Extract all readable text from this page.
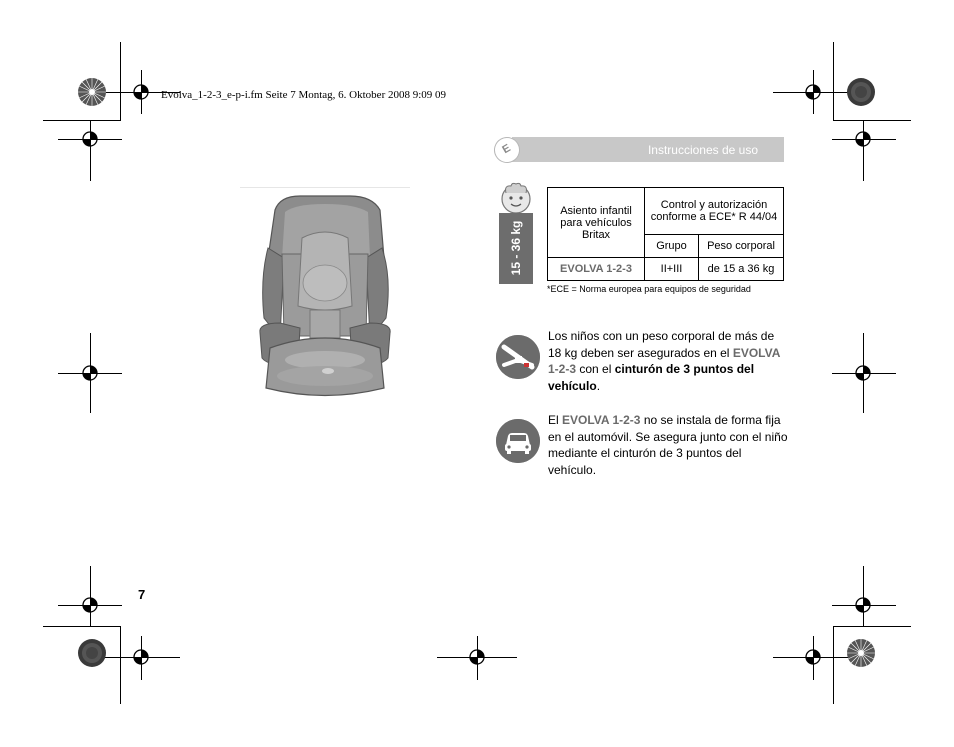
Evolva_1-2-3_e-p-i.fm Seite 7 Montag, 6. Oktober 2008 9:09 09
Instrucciones de uso
E
15 - 36 kg
Asiento infantil para vehículos Britax	Control y autorización conforme a ECE* R 44/04	
	Grupo	Peso corporal
EVOLVA 1-2-3	II+III	de 15 a 36 kg
*ECE = Norma europea para equipos de seguridad
Los niños con un peso corporal de más de 18 kg deben ser asegurados en el EVOLVA 1-2-3 con el cinturón de 3 puntos del vehículo.
El EVOLVA 1-2-3 no se instala de forma fija en el automóvil. Se asegura junto con el niño mediante el cinturón de 3 puntos del vehículo.
7
